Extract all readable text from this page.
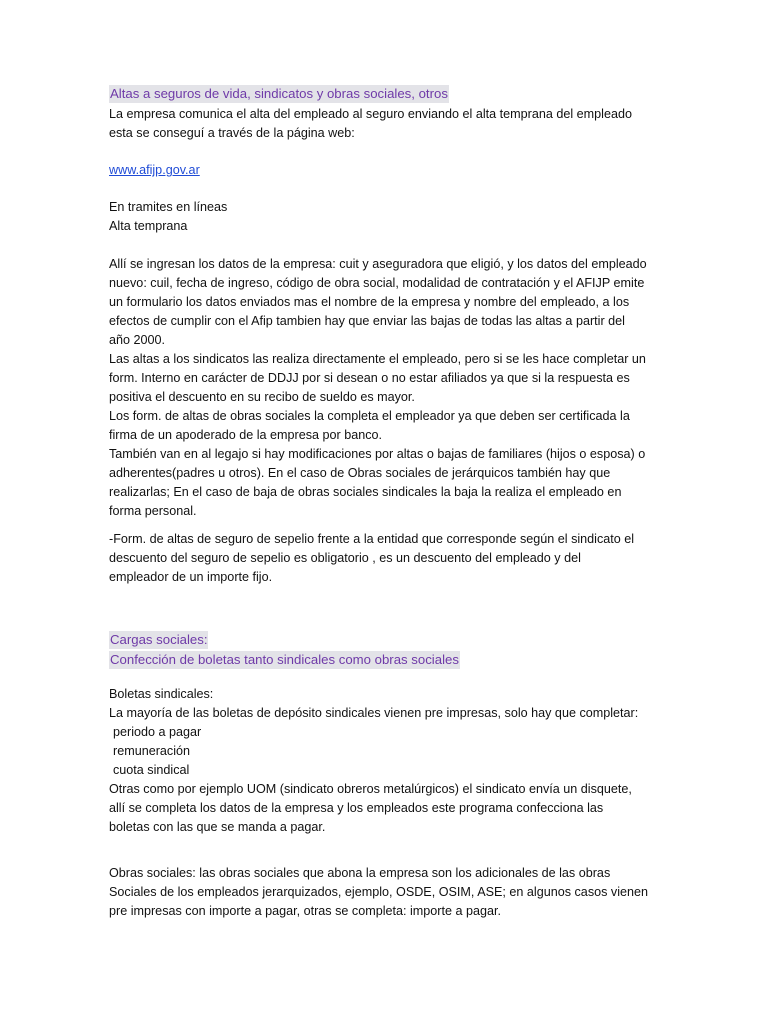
Altas a seguros de vida, sindicatos y obras sociales, otros
La empresa comunica el alta del empleado al seguro enviando el alta temprana del empleado
esta se conseguí a través de la página web:
www.afijp.gov.ar
En tramites en líneas
Alta temprana
Allí se ingresan los datos de la empresa: cuit y aseguradora que eligió, y los datos del empleado
nuevo: cuil, fecha de ingreso, código de obra social, modalidad de contratación y el AFIJP emite
un formulario los datos enviados mas el nombre de la empresa y nombre del empleado, a los
efectos de cumplir con el Afip tambien hay que enviar las bajas de todas las altas a partir del
año 2000.
Las altas a los sindicatos las realiza directamente el empleado, pero si se les hace completar un
form. Interno en carácter de DDJJ por si desean o no estar afiliados ya que si la respuesta es
positiva el descuento en su recibo de sueldo es mayor.
Los form. de altas de obras sociales la completa el empleador ya que deben ser certificada la
firma de un apoderado de la empresa por banco.
También van en al legajo si hay modificaciones por altas o bajas de familiares (hijos o esposa) o
adherentes(padres u otros). En el caso de Obras sociales de jerárquicos también hay que
realizarlas; En el caso de baja de obras sociales sindicales la baja la realiza el empleado en
forma personal.
-Form. de altas de seguro de sepelio frente a la entidad que corresponde según el sindicato el
descuento del seguro de sepelio es obligatorio , es un descuento del empleado y del
empleador de un importe fijo.
Cargas sociales:
Confección de boletas tanto sindicales como obras sociales
Boletas sindicales:
La mayoría de las boletas de depósito sindicales vienen pre impresas, solo hay que completar:
periodo a pagar
remuneración
cuota sindical
Otras como por ejemplo UOM (sindicato obreros metalúrgicos) el sindicato envía un disquete,
allí se completa los datos de la empresa y los empleados este programa confecciona las
boletas con las que se manda a pagar.
Obras sociales: las obras sociales que abona la empresa son los adicionales de las obras
Sociales de los empleados jerarquizados, ejemplo, OSDE, OSIM, ASE; en algunos casos vienen
pre impresas con importe a pagar, otras se completa: importe a pagar.
